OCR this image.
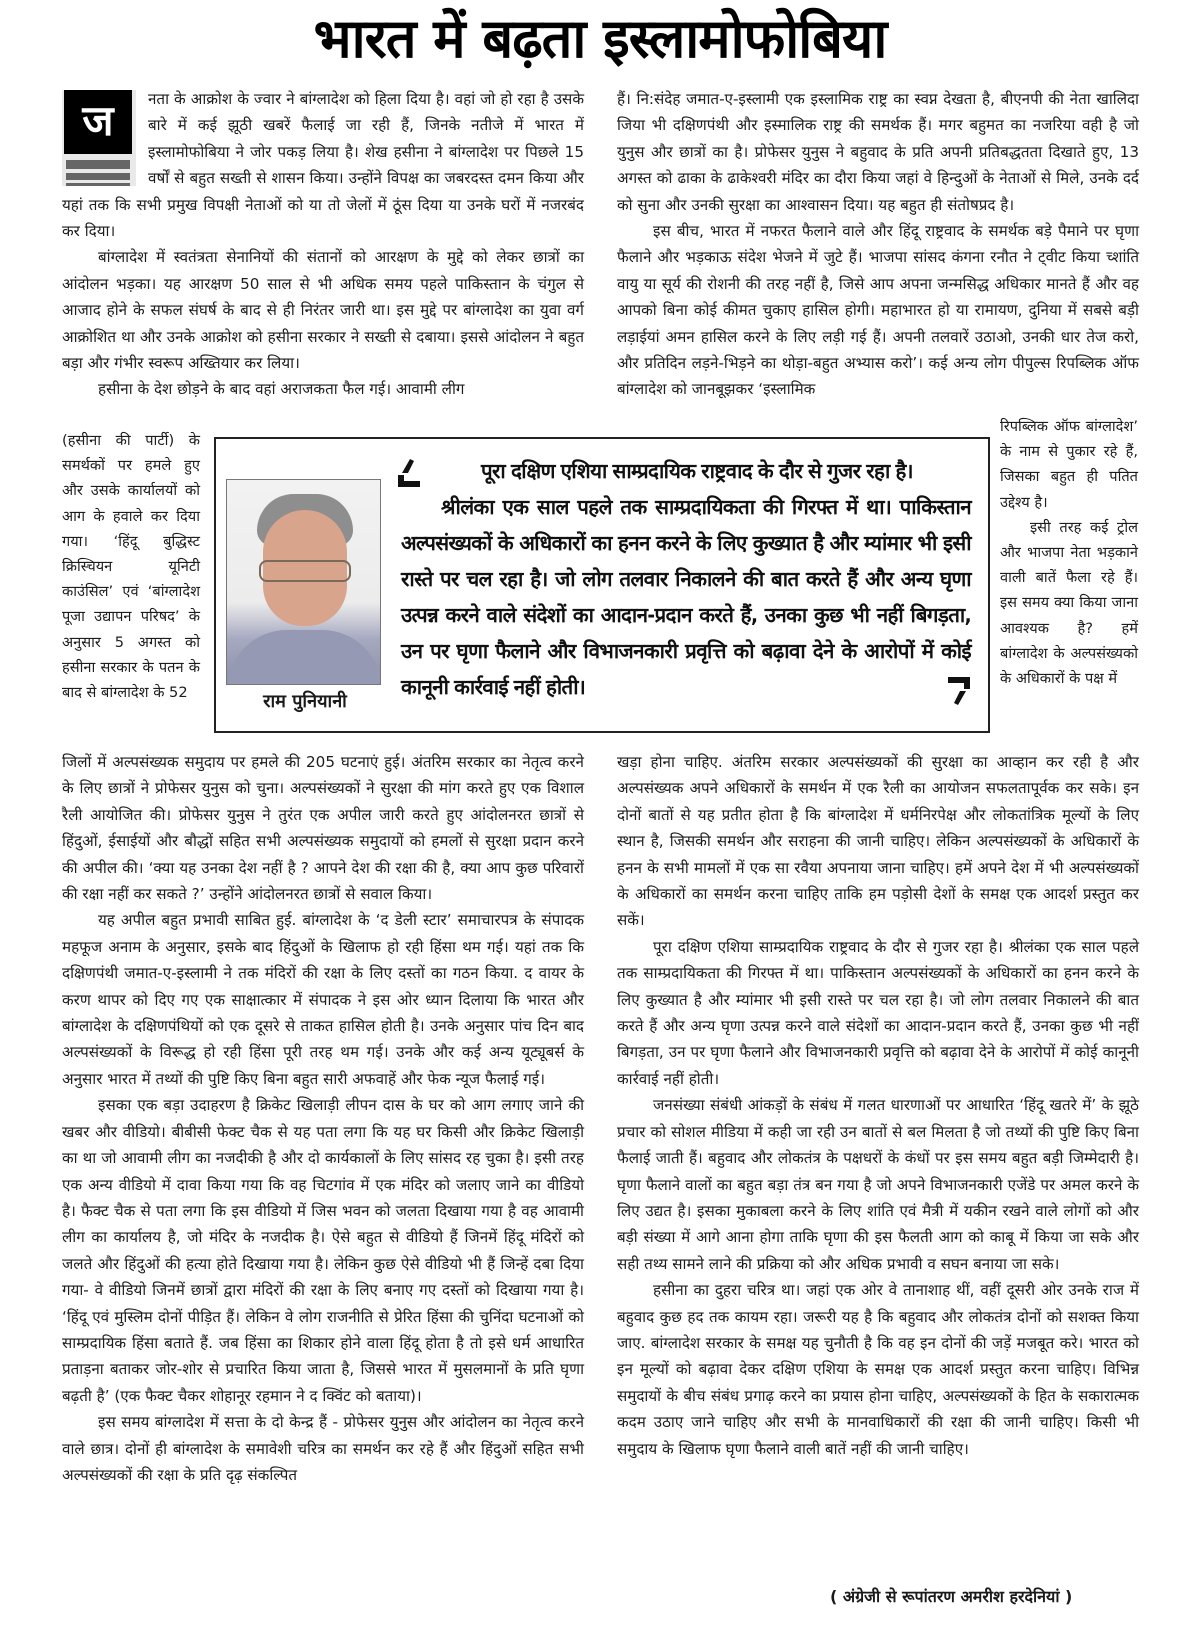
भारत में बढ़ता इस्लामोफोबिया
ज	नता के आक्रोश के ज्वार ने बांग्लादेश को हिला दिया है। वहां जो हो रहा है उसके बारे में कई झूठी खबरें फैलाई जा रही हैं, जिनके नतीजे में भारत में इस्लामोफोबिया ने जोर पकड़ लिया है। शेख हसीना ने बांग्लादेश पर पिछले 15 वर्षों से बहुत सख्ती से शासन किया। उन्होंने विपक्ष का जबरदस्त दमन किया और यहां तक कि सभी प्रमुख विपक्षी नेताओं को या तो जेलों में ठूंस दिया या उनके घरों में नजरबंद कर दिया।

बांग्लादेश में स्वतंत्रता सेनानियों की संतानों को आरक्षण के मुद्दे को लेकर छात्रों का आंदोलन भड़का। यह आरक्षण 50 साल से भी अधिक समय पहले पाकिस्तान के चंगुल से आजाद होने के सफल संघर्ष के बाद से ही निरंतर जारी था। इस मुद्दे पर बांग्लादेश का युवा वर्ग आक्रोशित था और उनके आक्रोश को हसीना सरकार ने सख्ती से दबाया। इससे आंदोलन ने बहुत बड़ा और गंभीर स्वरूप अख्तियार कर लिया।

हसीना के देश छोड़ने के बाद वहां अराजकता फैल गई। आवामी लीग

(हसीना की पार्टी) के समर्थकों पर हमले हुए और उसके कार्यालयों को आग के हवाले कर दिया गया। ‘हिंदू बुद्धिस्ट क्रिस्चियन यूनिटी काउंसिल’ एवं ‘बांग्लादेश पूजा उद्यापन परिषद’ के अनुसार 5 अगस्त को हसीना सरकार के पतन के बाद से बांग्लादेश के 52

जिलों में अल्पसंख्यक समुदाय पर हमले की 205 घटनाएं हुई। अंतरिम सरकार का नेतृत्व करने के लिए छात्रों ने प्रोफेसर युनुस को चुना। अल्पसंख्यकों ने सुरक्षा की मांग करते हुए एक विशाल रैली आयोजित की। प्रोफेसर युनुस ने तुरंत एक अपील जारी करते हुए आंदोलनरत छात्रों से हिंदुओं, ईसाईयों और बौद्धों सहित सभी अल्पसंख्यक समुदायों को हमलों से सुरक्षा प्रदान करने की अपील की। ‘क्या यह उनका देश नहीं है ? आपने देश की रक्षा की है, क्या आप कुछ परिवारों की रक्षा नहीं कर सकते ?’ उन्होंने आंदोलनरत छात्रों से सवाल किया।

यह अपील बहुत प्रभावी साबित हुई. बांग्लादेश के ‘द डेली स्टार’ समाचारपत्र के संपादक महफूज अनाम के अनुसार, इसके बाद हिंदुओं के खिलाफ हो रही हिंसा थम गई। यहां तक कि दक्षिणपंथी जमात-ए-इस्लामी ने तक मंदिरों की रक्षा के लिए दस्तों का गठन किया. द वायर के करण थापर को दिए गए एक साक्षात्कार में संपादक ने इस ओर ध्यान दिलाया कि भारत और बांग्लादेश के दक्षिणपंथियों को एक दूसरे से ताकत हासिल होती है। उनके अनुसार पांच दिन बाद अल्पसंख्यकों के विरूद्ध हो रही हिंसा पूरी तरह थम गई। उनके और कई अन्य यूट्यूबर्स के अनुसार भारत में तथ्यों की पुष्टि किए बिना बहुत सारी अफवाहें और फेक न्यूज फैलाई गई।

इसका एक बड़ा उदाहरण है क्रिकेट खिलाड़ी लीपन दास के घर को आग लगाए जाने की खबर और वीडियो। बीबीसी फेक्ट चैक से यह पता लगा कि यह घर किसी और क्रिकेट खिलाड़ी का था जो आवामी लीग का नजदीकी है और दो कार्यकालों के लिए सांसद रह चुका है। इसी तरह एक अन्य वीडियो में दावा किया गया कि वह चिटगांव में एक मंदिर को जलाए जाने का वीडियो है। फैक्ट चैक से पता लगा कि इस वीडियो में जिस भवन को जलता दिखाया गया है वह आवामी लीग का कार्यालय है, जो मंदिर के नजदीक है। ऐसे बहुत से वीडियो हैं जिनमें हिंदू मंदिरों को जलते और हिंदुओं की हत्या होते दिखाया गया है। लेकिन कुछ ऐसे वीडियो भी हैं जिन्हें दबा दिया गया- वे वीडियो जिनमें छात्रों द्वारा मंदिरों की रक्षा के लिए बनाए गए दस्तों को दिखाया गया है। ‘हिंदू एवं मुस्लिम दोनों पीड़ित हैं। लेकिन वे लोग राजनीति से प्रेरित हिंसा की चुनिंदा घटनाओं को साम्प्रदायिक हिंसा बताते हैं. जब हिंसा का शिकार होने वाला हिंदू होता है तो इसे धर्म आधारित प्रताड़ना बताकर जोर-शोर से प्रचारित किया जाता है, जिससे भारत में मुसलमानों के प्रति घृणा बढ़ती है’ (एक फैक्ट चैकर शोहानूर रहमान ने द क्विंट को बताया)।

इस समय बांग्लादेश में सत्ता के दो केन्द्र हैं - प्रोफेसर युनुस और आंदोलन का नेतृत्व करने वाले छात्र। दोनों ही बांग्लादेश के समावेशी चरित्र का समर्थन कर रहे हैं और हिंदुओं सहित सभी अल्पसंख्यकों की रक्षा के प्रति दृढ़ संकल्पित

हैं। नि:संदेह जमात-ए-इस्लामी एक इस्लामिक राष्ट्र का स्वप्न देखता है, बीएनपी की नेता खालिदा जिया भी दक्षिणपंथी और इस्मालिक राष्ट्र की समर्थक हैं। मगर बहुमत का नजरिया वही है जो युनुस और छात्रों का है। प्रोफेसर युनुस ने बहुवाद के प्रति अपनी प्रतिबद्धतता दिखाते हुए, 13 अगस्त को ढाका के ढाकेश्वरी मंदिर का दौरा किया जहां वे हिन्दुओं के नेताओं से मिले, उनके दर्द को सुना और उनकी सुरक्षा का आश्वासन दिया। यह बहुत ही संतोषप्रद है।

इस बीच, भारत में नफरत फैलाने वाले और हिंदू राष्ट्रवाद के समर्थक बड़े पैमाने पर घृणा फैलाने और भड़काऊ संदेश भेजने में जुटे हैं। भाजपा सांसद कंगना रनौत ने ट्वीट किया च्शांति वायु या सूर्य की रोशनी की तरह नहीं है, जिसे आप अपना जन्मसिद्ध अधिकार मानते हैं और वह आपको बिना कोई कीमत चुकाए हासिल होगी। महाभारत हो या रामायण, दुनिया में सबसे बड़ी लड़ाईयां अमन हासिल करने के लिए लड़ी गई हैं। अपनी तलवारें उठाओ, उनकी धार तेज करो, और प्रतिदिन लड़ने-भिड़ने का थोड़ा-बहुत अभ्यास करो’। कई अन्य लोग पीपुल्स रिपब्लिक ऑफ बांग्लादेश को जानबूझकर ‘इस्लामिक

रिपब्लिक ऑफ बांग्लादेश’ के नाम से पुकार रहे हैं, जिसका बहुत ही पतित उद्देश्य है।

इसी तरह कई ट्रोल और भाजपा नेता भड़काने वाली बातें फैला रहे हैं। इस समय क्या किया जाना आवश्यक है? हमें बांग्लादेश के अल्पसंख्यको के अधिकारों के पक्ष में

खड़ा होना चाहिए. अंतरिम सरकार अल्पसंख्यकों की सुरक्षा का आव्हान कर रही है और अल्पसंख्यक अपने अधिकारों के समर्थन में एक रैली का आयोजन सफलतापूर्वक कर सके। इन दोनों बातों से यह प्रतीत होता है कि बांग्लादेश में धर्मनिरपेक्ष और लोकतांत्रिक मूल्यों के लिए स्थान है, जिसकी समर्थन और सराहना की जानी चाहिए। लेकिन अल्पसंख्यकों के अधिकारों के हनन के सभी मामलों में एक सा रवैया अपनाया जाना चाहिए। हमें अपने देश में भी अल्पसंख्यकों के अधिकारों का समर्थन करना चाहिए ताकि हम पड़ोसी देशों के समक्ष एक आदर्श प्रस्तुत कर सकें।

पूरा दक्षिण एशिया साम्प्रदायिक राष्ट्रवाद के दौर से गुजर रहा है। श्रीलंका एक साल पहले तक साम्प्रदायिकता की गिरफ्त में था। पाकिस्तान अल्पसंख्यकों के अधिकारों का हनन करने के लिए कुख्यात है और म्यांमार भी इसी रास्ते पर चल रहा है। जो लोग तलवार निकालने की बात करते हैं और अन्य घृणा उत्पन्न करने वाले संदेशों का आदान-प्रदान करते हैं, उनका कुछ भी नहीं बिगड़ता, उन पर घृणा फैलाने और विभाजनकारी प्रवृत्ति को बढ़ावा देने के आरोपों में कोई कानूनी कार्रवाई नहीं होती।

जनसंख्या संबंधी आंकड़ों के संबंध में गलत धारणाओं पर आधारित ‘हिंदू खतरे में’ के झूठे प्रचार को सोशल मीडिया में कही जा रही उन बातों से बल मिलता है जो तथ्यों की पुष्टि किए बिना फैलाई जाती हैं। बहुवाद और लोकतंत्र के पक्षधरों के कंधों पर इस समय बहुत बड़ी जिम्मेदारी है। घृणा फैलाने वालों का बहुत बड़ा तंत्र बन गया है जो अपने विभाजनकारी एजेंडे पर अमल करने के लिए उद्यत है। इसका मुकाबला करने के लिए शांति एवं मैत्री में यकीन रखने वाले लोगों को और बड़ी संख्या में आगे आना होगा ताकि घृणा की इस फैलती आग को काबू में किया जा सके और सही तथ्य सामने लाने की प्रक्रिया को और अधिक प्रभावी व सघन बनाया जा सके।

हसीना का दुहरा चरित्र था। जहां एक ओर वे तानाशाह थीं, वहीं दूसरी ओर उनके राज में बहुवाद कुछ हद तक कायम रहा। जरूरी यह है कि बहुवाद और लोकतंत्र दोनों को सशक्त किया जाए. बांग्लादेश सरकार के समक्ष यह चुनौती है कि वह इन दोनों की जड़ें मजबूत करे। भारत को इन मूल्यों को बढ़ावा देकर दक्षिण एशिया के समक्ष एक आदर्श प्रस्तुत करना चाहिए। विभिन्न समुदायों के बीच संबंध प्रगाढ़ करने का प्रयास होना चाहिए, अल्पसंख्यकों के हित के सकारात्मक कदम उठाए जाने चाहिए और सभी के मानवाधिकारों की रक्षा की जानी चाहिए। किसी भी समुदाय के खिलाफ घृणा फैलाने वाली बातें नहीं की जानी चाहिए।

राम पुनियानी

पूरा दक्षिण एशिया साम्प्रदायिक राष्ट्रवाद के दौर से गुजर रहा है।

श्रीलंका एक साल पहले तक साम्प्रदायिकता की गिरफ्त में था। पाकिस्तान अल्पसंख्यकों के अधिकारों का हनन करने के लिए कुख्यात है और म्यांमार भी इसी रास्ते पर चल रहा है। जो लोग तलवार निकालने की बात करते हैं और अन्य घृणा उत्पन्न करने वाले संदेशों का आदान-प्रदान करते हैं, उनका कुछ भी नहीं बिगड़ता, उन पर घृणा फैलाने और विभाजनकारी प्रवृत्ति को बढ़ावा देने के आरोपों में कोई कानूनी कार्रवाई नहीं होती।

( अंग्रेजी से रूपांतरण अमरीश हरदेनियां )
